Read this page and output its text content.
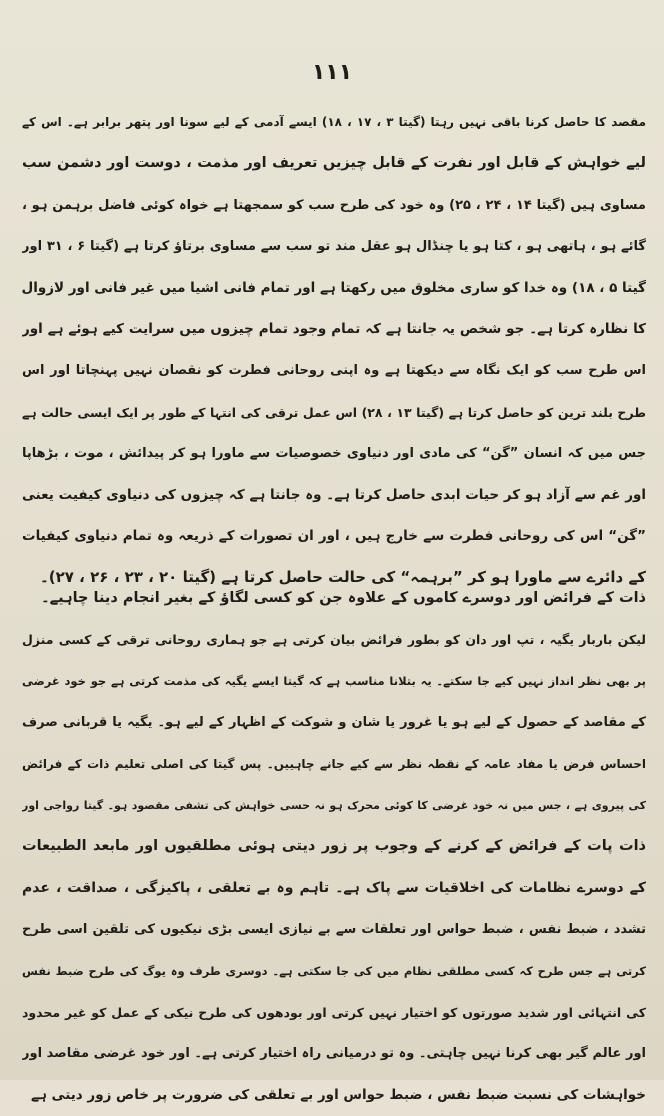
۱۱۱
مقصد کا حاصل کرنا باقی نہیں رہتا (گیتا ۳ ، ۱۷ ، ۱۸) ایسے آدمی کے لیے سونا اور پتھر برابر ہے۔ اس کے
لیے خواہش کے قابل اور نفرت کے قابل چیزیں تعریف اور مذمت ، دوست اور دشمن سب
مساوی ہیں (گیتا ۱۴ ، ۲۴ ، ۲۵) وہ خود کی طرح سب کو سمجھتا ہے خواہ کوئی فاضل برہمن ہو ،
گائے ہو ، ہاتھی ہو ، کتا ہو یا چنڈال ہو عقل مند تو سب سے مساوی برتاؤ کرتا ہے (گیتا ۶ ، ۳۱ اور
گیتا ۵ ، ۱۸) وہ خدا کو ساری مخلوق میں رکھتا ہے اور تمام فانی اشیا میں غیر فانی اور لازوال
کا نظارہ کرتا ہے۔ جو شخص یہ جانتا ہے کہ تمام وجود تمام چیزوں میں سرایت کیے ہوئے ہے اور
اس طرح سب کو ایک نگاہ سے دیکھتا ہے وہ اپنی روحانی فطرت کو نقصان نہیں پہنچاتا اور اس
طرح بلند ترین کو حاصل کرتا ہے (گیتا ۱۳ ، ۲۸) اس عمل ترقی کی انتہا کے طور پر ایک ایسی حالت ہے
جس میں کہ انسان ”گن“ کی مادی اور دنیاوی خصوصیات سے ماورا ہو کر پیدائش ، موت ، بڑھاپا
اور غم سے آزاد ہو کر حیات ابدی حاصل کرتا ہے۔ وہ جانتا ہے کہ چیزوں کی دنیاوی کیفیت یعنی
”گن“ اس کی روحانی فطرت سے خارج ہیں ، اور ان تصورات کے ذریعہ وہ تمام دنیاوی کیفیات
کے دائرے سے ماورا ہو کر ”برہمہ“ کی حالت حاصل کرتا ہے (گیتا ۲۰ ، ۲۳ ، ۲۶ ، ۲۷)۔
ذات کے فرائض اور دوسرے کاموں کے علاوہ جن کو کسی لگاؤ کے بغیر انجام دینا چاہیے۔
لیکن باربار یگیہ ، تپ اور دان کو بطور فرائض بیان کرتی ہے جو ہماری روحانی ترقی کے کسی منزل
پر بھی نظر انداز نہیں کیے جا سکتے۔ یہ بتلانا مناسب ہے کہ گیتا ایسے یگیہ کی مذمت کرتی ہے جو خود غرضی
کے مقاصد کے حصول کے لیے ہو یا غرور یا شان و شوکت کے اظہار کے لیے ہو۔ یگیہ یا قربانی صرف
احساس فرض یا مفاد عامہ کے نقطہ نظر سے کیے جانے چاہییں۔ پس گیتا کی اصلی تعلیم ذات کے فرائض
کی پیروی ہے ، جس میں نہ خود غرضی کا کوئی محرک ہو نہ حسی خواہش کی تشفی مقصود ہو۔ گیتا رواجی اور
ذات پات کے فرائض کے کرنے کے وجوب پر زور دیتی ہوئی مطلقیوں اور مابعد الطبیعات
کے دوسرے نظامات کی اخلاقیات سے پاک ہے۔ تاہم وہ بے تعلقی ، پاکیزگی ، صداقت ، عدم
تشدد ، ضبط نفس ، ضبط حواس اور تعلقات سے بے نیازی ایسی بڑی نیکیوں کی تلقین اسی طرح
کرتی ہے جس طرح کہ کسی مطلقی نظام میں کی جا سکتی ہے۔ دوسری طرف وہ یوگ کی طرح ضبط نفس
کی انتہائی اور شدید صورتوں کو اختیار نہیں کرتی اور بودھوں کی طرح نیکی کے عمل کو غیر محدود
اور عالم گیر بھی کرنا نہیں چاہتی۔ وہ تو درمیانی راہ اختیار کرتی ہے۔ اور خود غرضی مقاصد اور
خواہشات کی نسبت ضبط نفس ، ضبط حواس اور بے تعلقی کی ضرورت پر خاص زور دیتی ہے
